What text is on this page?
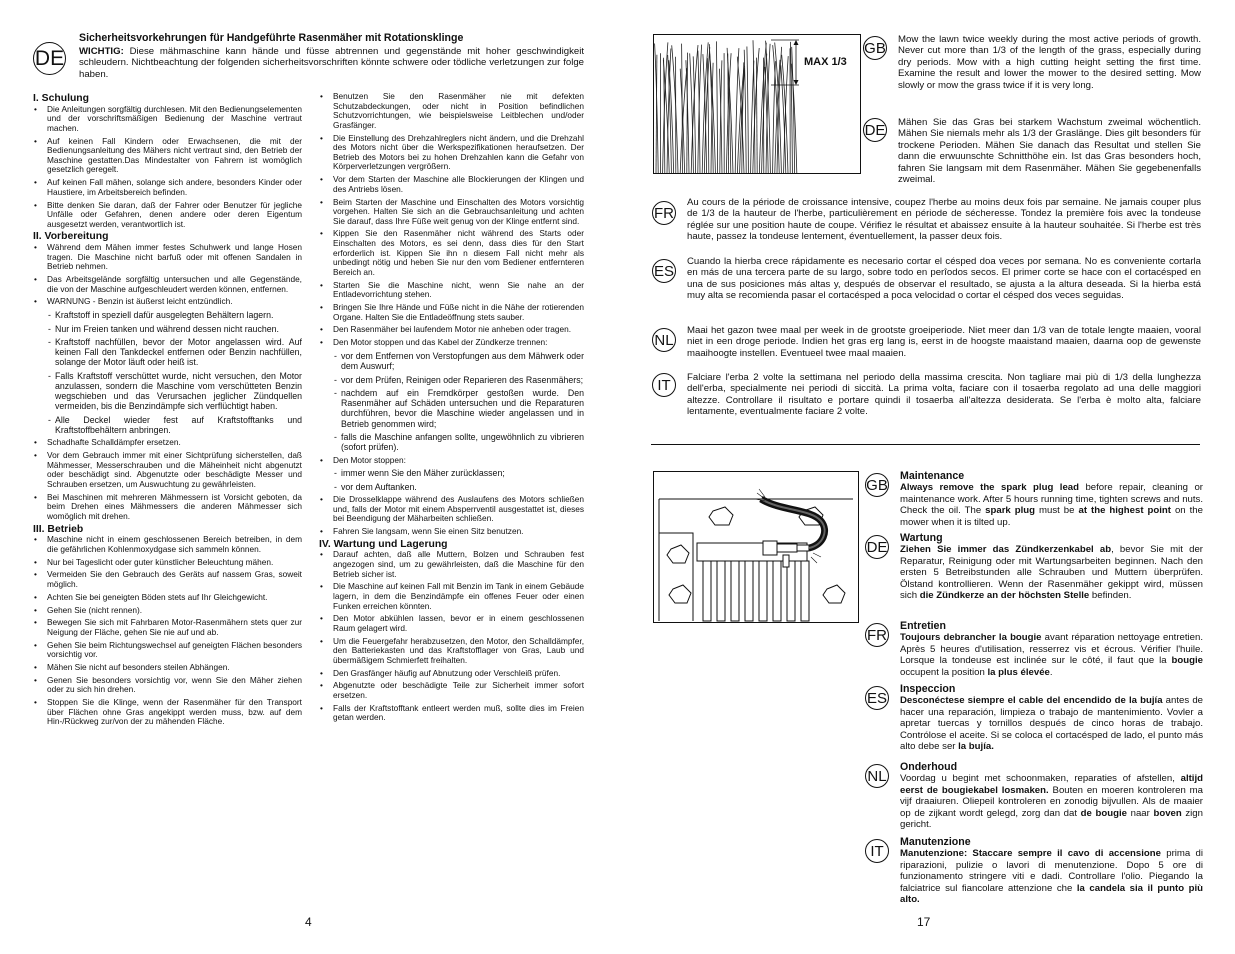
DE
Sicherheitsvorkehrungen für Handgeführte Rasenmäher mit Rotationsklinge
WICHTIG: Diese mähmaschine kann hände und füsse abtrennen und gegenstände mit hoher geschwindigkeit schleudern. Nichtbeachtung der folgenden sicherheitsvorschriften könnte schwere oder tödliche verletzungen zur folge haben.
I. Schulung
• Die Anleitungen sorgfältig durchlesen. Mit den Bedienungselementen und der vorschriftsmäßigen Bedienung der Maschine vertraut machen.
• Auf keinen Fall Kindern oder Erwachsenen, die mit der Bedienungsanleitung des Mähers nicht vertraut sind, den Betrieb der Maschine gestatten.Das Mindestalter von Fahrern ist womöglich gesetzlich geregelt.
• Auf keinen Fall mähen, solange sich andere, besonders Kinder oder Haustiere, im Arbeitsbereich befinden.
• Bitte denken Sie daran, daß der Fahrer oder Benutzer für jegliche Unfälle oder Gefahren, denen andere oder deren Eigentum ausgesetzt werden, verantwortlich ist.
II. Vorbereitung
• Während dem Mähen immer festes Schuhwerk und lange Hosen tragen. Die Maschine nicht barfuß oder mit offenen Sandalen in Betrieb nehmen.
• Das Arbeitsgelände sorgfältig untersuchen und alle Gegenstände, die von der Maschine aufgeschleudert werden können, entfernen.
• WARNUNG - Benzin ist äußerst leicht entzündlich.
- Kraftstoff in speziell dafür ausgelegten Behältern lagern.
- Nur im Freien tanken und während dessen nicht rauchen.
- Kraftstoff nachfüllen, bevor der Motor angelassen wird. Auf keinen Fall den Tankdeckel entfernen oder Benzin nachfüllen, solange der Motor läuft oder heiß ist.
- Falls Kraftstoff verschüttet wurde, nicht versuchen, den Motor anzulassen, sondern die Maschine vom verschütteten Benzin wegschieben und das Verursachen jeglicher Zündquellen vermeiden, bis die Benzindämpfe sich verflüchtigt haben.
- Alle Deckel wieder fest auf Kraftstofftanks und Kraftstoffbehältern anbringen.
• Schadhafte Schalldämpfer ersetzen.
• Vor dem Gebrauch immer mit einer Sichtprüfung sicherstellen, daß Mähmesser, Messerschrauben und die Mäheinheit nicht abgenutzt oder beschädigt sind. Abgenutzte oder beschädigte Messer und Schrauben ersetzen, um Auswuchtung zu gewährleisten.
• Bei Maschinen mit mehreren Mähmessern ist Vorsicht geboten, da beim Drehen eines Mähmessers die anderen Mähmesser sich womöglich mit drehen.
III. Betrieb
• Maschine nicht in einem geschlossenen Bereich betreiben, in dem die gefährlichen Kohlenmoxydgase sich sammeln können.
• Nur bei Tageslicht oder guter künstlicher Beleuchtung mähen.
• Vermeiden Sie den Gebrauch des Geräts auf nassem Gras, soweit möglich.
• Achten Sie bei geneigten Böden stets auf Ihr Gleichgewicht.
• Gehen Sie (nicht rennen).
• Bewegen Sie sich mit Fahrbaren Motor-Rasenmähern stets quer zur Neigung der Fläche, gehen Sie nie auf und ab.
• Gehen Sie beim Richtungswechsel auf geneigten Flächen besonders vorsichtig vor.
• Mähen Sie nicht auf besonders steilen Abhängen.
• Genen Sie besonders vorsichtig vor, wenn Sie den Mäher ziehen oder zu sich hin drehen.
• Stoppen Sie die Klinge, wenn der Rasenmäher für den Transport über Flächen ohne Gras angekippt werden muss, bzw. auf dem Hin-/Rückweg zur/von der zu mähenden Fläche.
• Benutzen Sie den Rasenmäher nie mit defekten Schutzabdeckungen, oder nicht in Position befindlichen Schutzvorrichtungen, wie beispielsweise Leitblechen und/oder Grasfänger.
• Die Einstellung des Drehzahlreglers nicht ändern, und die Drehzahl des Motors nicht über die Werkspezifikationen heraufsetzen. Der Betrieb des Motors bei zu hohen Drehzahlen kann die Gefahr von Körperverletzungen vergrößern.
• Vor dem Starten der Maschine alle Blockierungen der Klingen und des Antriebs lösen.
• Beim Starten der Maschine und Einschalten des Motors vorsichtig vorgehen. Halten Sie sich an die Gebrauchsanleitung und achten Sie darauf, dass Ihre Füße weit genug von der Klinge entfernt sind.
• Kippen Sie den Rasenmäher nicht während des Starts oder Einschalten des Motors, es sei denn, dass dies für den Start erforderlich ist. Kippen Sie ihn n diesem Fall nicht mehr als unbedingt nötig und heben Sie nur den vom Bediener entfernteren Bereich an.
• Starten Sie die Maschine nicht, wenn Sie nahe an der Entladevorrichtung stehen.
• Bringen Sie Ihre Hände und Füße nicht in die Nähe der rotierenden Organe. Halten Sie die Entladeöffnung stets sauber.
• Den Rasenmäher bei laufendem Motor nie anheben oder tragen.
• Den Motor stoppen und das Kabel der Zündkerze trennen:
- vor dem Entfernen von Verstopfungen aus dem Mähwerk oder dem Auswurf;
- vor dem Prüfen, Reinigen oder Reparieren des Rasenmähers;
- nachdem auf ein Fremdkörper gestoßen wurde. Den Rasenmäher auf Schäden untersuchen und die Reparaturen durchführen, bevor die Maschine wieder angelassen und in Betrieb genommen wird;
- falls die Maschine anfangen sollte, ungewöhnlich zu vibrieren (sofort prüfen).
• Den Motor stoppen:
- immer wenn Sie den Mäher zurücklassen;
- vor dem Auftanken.
• Die Drosselklappe während des Auslaufens des Motors schließen und, falls der Motor mit einem Absperrventil ausgestattet ist, dieses bei Beendigung der Mäharbeiten schließen.
• Fahren Sie langsam, wenn Sie einen Sitz benutzen.
IV. Wartung und Lagerung
• Darauf achten, daß alle Muttern, Bolzen und Schrauben fest angezogen sind, um zu gewährleisten, daß die Maschine für den Betrieb sicher ist.
• Die Maschine auf keinen Fall mit Benzin im Tank in einem Gebäude lagern, in dem die Benzindämpfe ein offenes Feuer oder einen Funken erreichen könnten.
• Den Motor abkühlen lassen, bevor er in einem geschlossenen Raum gelagert wird.
• Um die Feuergefahr herabzusetzen, den Motor, den Schalldämpfer, den Batteriekasten und das Kraftstofflager von Gras, Laub und übermäßigem Schmierfett freihalten.
• Den Grasfänger häufig auf Abnutzung oder Verschleiß prüfen.
• Abgenutzte oder beschädigte Teile zur Sicherheit immer sofort ersetzen.
• Falls der Kraftstofftank entleert werden muß, sollte dies im Freien getan werden.
4
MAX 1/3
GB Mow the lawn twice weekly during the most active periods of growth. Never cut more than 1/3 of the length of the grass, especially during dry periods. Mow with a high cutting height setting the first time. Examine the result and lower the mower to the desired setting. Mow slowly or mow the grass twice if it is very long.
DE Mähen Sie das Gras bei starkem Wachstum zweimal wöchentlich. Mähen Sie niemals mehr als 1/3 der Graslänge. Dies gilt besonders für trockene Perioden. Mähen Sie danach das Resultat und stellen Sie dann die erwuunschte Schnitthöhe ein. Ist das Gras besonders hoch, fahren Sie langsam mit dem Rasenmäher. Mähen Sie gegebenenfalls zweimal.
FR
Au cours de la période de croissance intensive, coupez l'herbe au moins deux fois par semaine. Ne jamais couper plus de 1/3 de la hauteur de l'herbe, particulièrement en période de sécheresse. Tondez la première fois avec la tondeuse réglée sur une position haute de coupe. Vérifiez le résultat et abaissez ensuite à la hauteur souhaitée. Si l'herbe est très haute, passez la tondeuse lentement, éventuellement, la passer deux fois.
ES
Cuando la hierba crece rápidamente es necesario cortar el césped doa veces por semana. No es conveniente cortarla en más de una tercera parte de su largo, sobre todo en perîodos secos. El primer corte se hace con el cortacésped en una de sus posiciones más altas y, después de observar el resultado, se ajusta a la altura deseada. Si la hierba está muy alta se recomienda pasar el cortacésped a poca velocidad o cortar el césped dos veces seguidas.
NL
Maai het gazon twee maal per week in de grootste groeiperiode. Niet meer dan 1/3 van de totale lengte maaien, vooral niet in een droge periode. Indien het gras erg lang is, eerst in de hoogste maaistand maaien, daarna oop de gewenste maaihoogte instellen. Eventueel twee maal maaien.
IT	Falciare l'erba 2 volte la settimana nel periodo della massima crescita. Non tagliare mai più di 1/3 della lunghezza dell'erba, specialmente nei periodi di siccità. La prima volta, faciare con il tosaerba regolato ad una delle maggiori altezze. Controllare il risultato e portare quindi il tosaerba all'altezza desiderata. Se l'erba è molto alta, falciare lentamente, eventualmente faciare 2 volte.
GB
Maintenance
Always remove the spark plug lead before repair, cleaning or maintenance work. After 5 hours running time, tighten screws and nuts. Check the oil. The spark plug must be at the highest point on the mower when it is tilted up.
DE
Wartung
Ziehen Sie immer das Zündkerzenkabel ab, bevor Sie mit der Reparatur, Reinigung oder mit Wartungsarbeiten beginnen. Nach den ersten 5 Betreibstunden alle Schrauben und Muttern überprüfen. Ölstand kontrollieren. Wenn der Rasenmäher gekippt wird, müssen sich die Zündkerze an der höchsten Stelle befinden.
FR
Entretien
Toujours debrancher la bougie avant réparation nettoyage entretien. Après 5 heures d'utilisation, resserrez vis et écrous. Vérifier l'huile. Lorsque la tondeuse est inclinée sur le côté, il faut que la bougie occupent la position la plus élevée.
ES
Inspeccion
Desconéctese siempre el cable del encendido de la bujía antes de hacer una reparación, limpieza o trabajo de mantenimiento. Vovler a apretar tuercas y tornillos después de cinco horas de trabajo. Contrólose el aceite. Si se coloca el cortacésped de lado, el punto más alto debe ser la bujía.
NL
Onderhoud
Voordag u begint met schoonmaken, reparaties of afstellen, altijd eerst de bougiekabel losmaken. Bouten en moeren kontroleren ma vijf draaiuren. Oliepeil kontroleren en zonodig bijvullen. Als de maaier op de zijkant wordt gelegd, zorg dan dat de bougie naar boven zign gericht.
IT
Manutenzione
Manutenzione: Staccare sempre il cavo di accensione prima di riparazioni, pulizie o lavori di menutenzione. Dopo 5 ore di funzionamento stringere viti e dadi. Controllare l'olio. Piegando la falciatrice sul fiancolare attenzione che la candela sia il punto più alto.
17
